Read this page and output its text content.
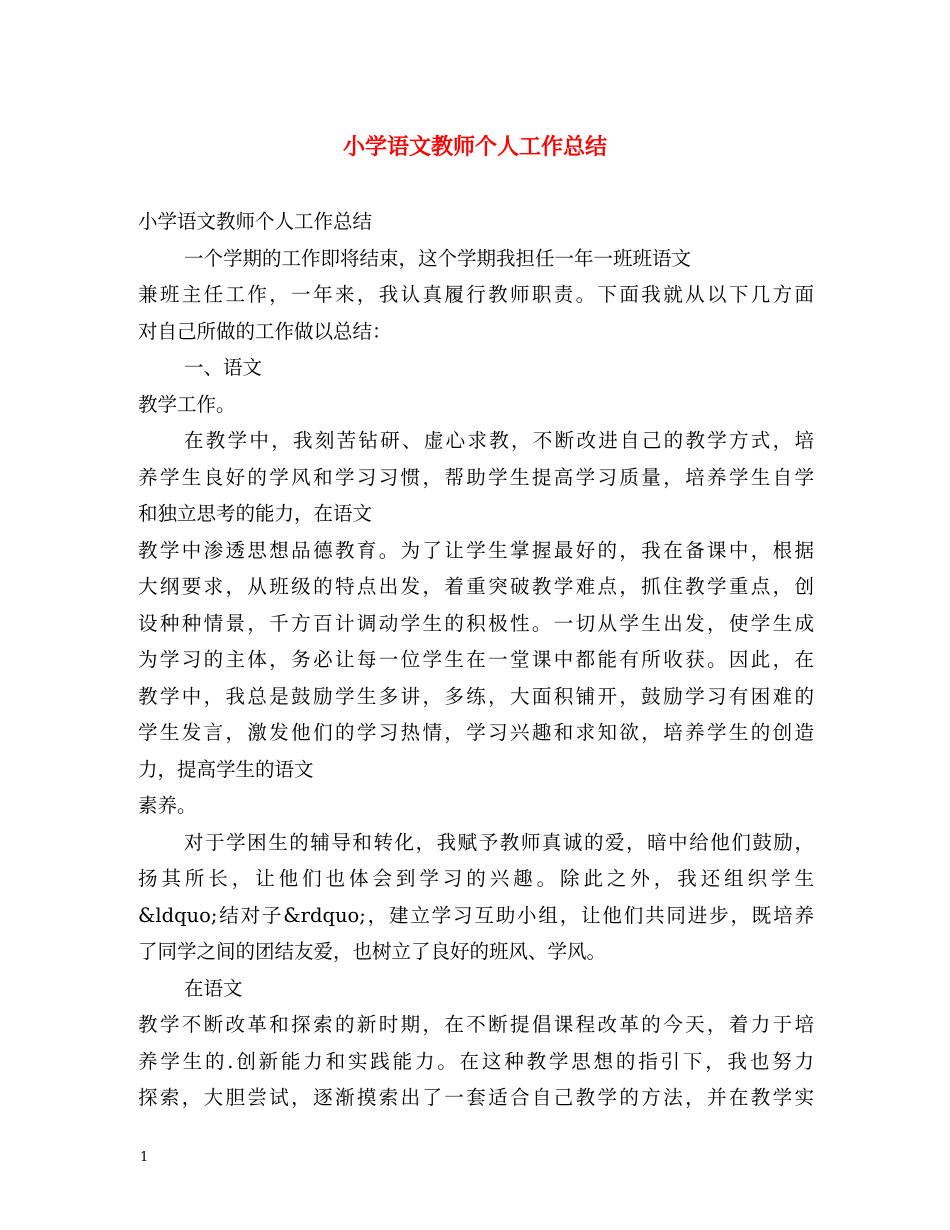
小学语文教师个人工作总结
小学语文教师个人工作总结
一个学期的工作即将结束，这个学期我担任一年一班班语文
兼班主任工作，一年来，我认真履行教师职责。下面我就从以下几方面
对自己所做的工作做以总结：
一、语文
教学工作。
在教学中，我刻苦钻研、虚心求教，不断改进自己的教学方式，培
养学生良好的学风和学习习惯，帮助学生提高学习质量，培养学生自学
和独立思考的能力，在语文
教学中渗透思想品德教育。为了让学生掌握最好的，我在备课中，根据
大纲要求，从班级的特点出发，着重突破教学难点，抓住教学重点，创
设种种情景，千方百计调动学生的积极性。一切从学生出发，使学生成
为学习的主体，务必让每一位学生在一堂课中都能有所收获。因此，在
教学中，我总是鼓励学生多讲，多练，大面积铺开，鼓励学习有困难的
学生发言，激发他们的学习热情，学习兴趣和求知欲，培养学生的创造
力，提高学生的语文
素养。
对于学困生的辅导和转化，我赋予教师真诚的爱，暗中给他们鼓励，
扬其所长，让他们也体会到学习的兴趣。除此之外，我还组织学生
&ldquo;结对子&rdquo;，建立学习互助小组，让他们共同进步，既培养
了同学之间的团结友爱，也树立了良好的班风、学风。
在语文
教学不断改革和探索的新时期，在不断提倡课程改革的今天，着力于培
养学生的.创新能力和实践能力。在这种教学思想的指引下，我也努力
探索，大胆尝试，逐渐摸索出了一套适合自己教学的方法，并在教学实
1
